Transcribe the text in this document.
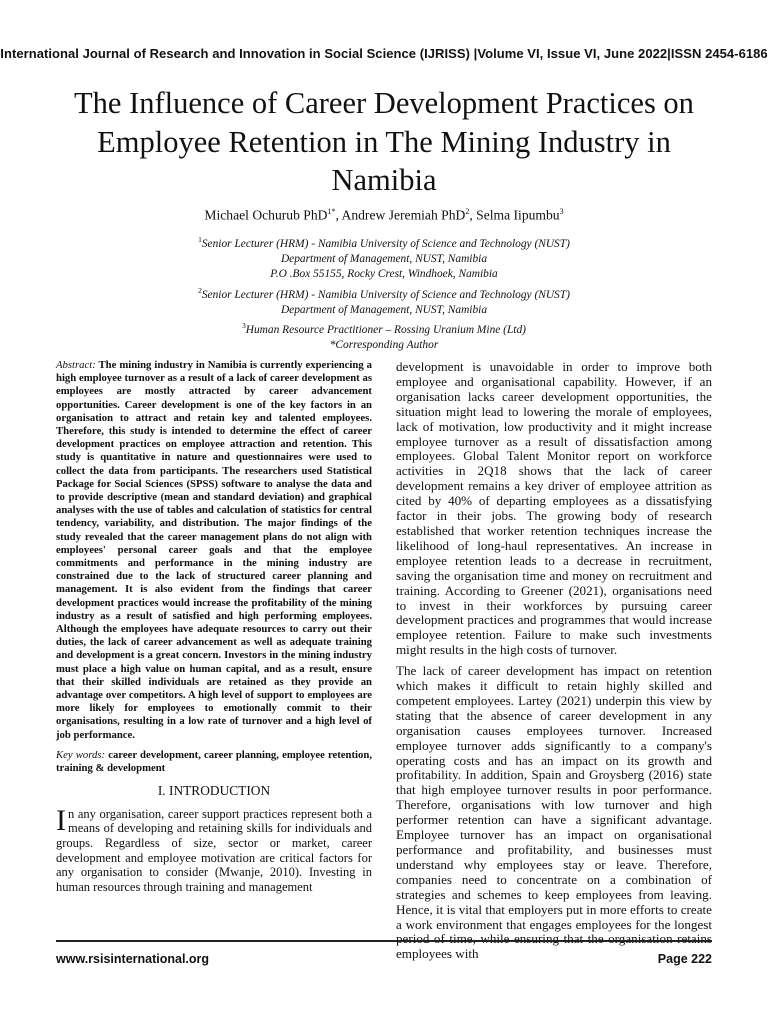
International Journal of Research and Innovation in Social Science (IJRISS) |Volume VI, Issue VI, June 2022|ISSN 2454-6186
The Influence of Career Development Practices on Employee Retention in The Mining Industry in Namibia
Michael Ochurub PhD$^{1*}$, Andrew Jeremiah PhD$^2$, Selma Iipumbu$^3$
$^1$Senior Lecturer (HRM) - Namibia University of Science and Technology (NUST)
Department of Management, NUST, Namibia
P.O .Box 55155, Rocky Crest, Windhoek, Namibia
$^2$Senior Lecturer (HRM) - Namibia University of Science and Technology (NUST)
Department of Management, NUST, Namibia
$^3$Human Resource Practitioner – Rossing Uranium Mine (Ltd)
*Corresponding Author

Abstract: The mining industry in Namibia is currently experiencing a high employee turnover as a result of a lack of career development as employees are mostly attracted by career advancement opportunities. Career development is one of the key factors in an organisation to attract and retain key and talented employees. Therefore, this study is intended to determine the effect of career development practices on employee attraction and retention. This study is quantitative in nature and questionnaires were used to collect the data from participants. The researchers used Statistical Package for Social Sciences (SPSS) software to analyse the data and to provide descriptive (mean and standard deviation) and graphical analyses with the use of tables and calculation of statistics for central tendency, variability, and distribution. The major findings of the study revealed that the career management plans do not align with employees' personal career goals and that the employee commitments and performance in the mining industry are constrained due to the lack of structured career planning and management. It is also evident from the findings that career development practices would increase the profitability of the mining industry as a result of satisfied and high performing employees. Although the employees have adequate resources to carry out their duties, the lack of career advancement as well as adequate training and development is a great concern. Investors in the mining industry must place a high value on human capital, and as a result, ensure that their skilled individuals are retained as they provide an advantage over competitors. A high level of support to employees are more likely for employees to emotionally commit to their organisations, resulting in a low rate of turnover and a high level of job performance.

Key words: career development, career planning, employee retention, training & development

I. INTRODUCTION

In any organisation, career support practices represent both a means of developing and retaining skills for individuals and groups. Regardless of size, sector or market, career development and employee motivation are critical factors for any organisation to consider (Mwanje, 2010). Investing in human resources through training and management

development is unavoidable in order to improve both employee and organisational capability. However, if an organisation lacks career development opportunities, the situation might lead to lowering the morale of employees, lack of motivation, low productivity and it might increase employee turnover as a result of dissatisfaction among employees. Global Talent Monitor report on workforce activities in 2Q18 shows that the lack of career development remains a key driver of employee attrition as cited by 40% of departing employees as a dissatisfying factor in their jobs. The growing body of research established that worker retention techniques increase the likelihood of long-haul representatives. An increase in employee retention leads to a decrease in recruitment, saving the organisation time and money on recruitment and training. According to Greener (2021), organisations need to invest in their workforces by pursuing career development practices and programmes that would increase employee retention. Failure to make such investments might results in the high costs of turnover.

The lack of career development has impact on retention which makes it difficult to retain highly skilled and competent employees. Lartey (2021) underpin this view by stating that the absence of career development in any organisation causes employees turnover. Increased employee turnover adds significantly to a company's operating costs and has an impact on its growth and profitability. In addition, Spain and Groysberg (2016) state that high employee turnover results in poor performance. Therefore, organisations with low turnover and high performer retention can have a significant advantage. Employee turnover has an impact on organisational performance and profitability, and businesses must understand why employees stay or leave. Therefore, companies need to concentrate on a combination of strategies and schemes to keep employees from leaving. Hence, it is vital that employers put in more efforts to create a work environment that engages employees for the longest period of time, while ensuring that the organisation retains employees with

www.rsisinternational.org	Page 222
